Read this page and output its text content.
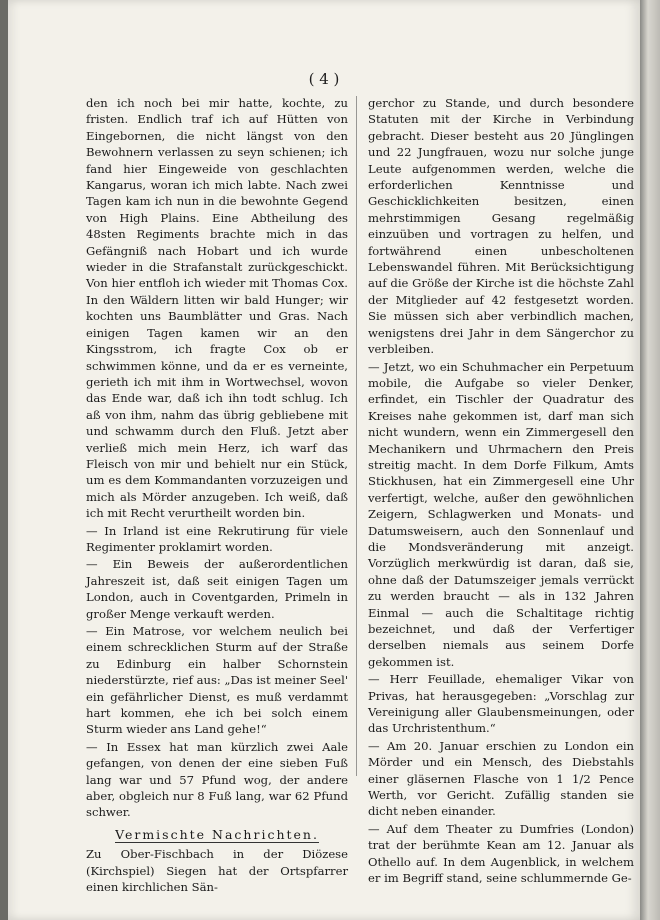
( 4 )

den ich noch bei mir hatte, kochte, zu fristen. Endlich traf ich auf Hütten von Eingebornen, die nicht längst von den Bewohnern verlassen zu seyn schienen; ich fand hier Eingeweide von geschlachten Kangarus, woran ich mich labte. Nach zwei Tagen kam ich nun in die bewohnte Gegend von High Plains. Eine Abtheilung des 48sten Regiments brachte mich in das Gefängniß nach Hobart und ich wurde wieder in die Strafanstalt zurückgeschickt. Von hier entfloh ich wieder mit Thomas Cox. In den Wäldern litten wir bald Hunger; wir kochten uns Baumblätter und Gras. Nach einigen Tagen kamen wir an den Kingsstrom, ich fragte Cox ob er schwimmen könne, und da er es verneinte, gerieth ich mit ihm in Wortwechsel, wovon das Ende war, daß ich ihn todt schlug. Ich aß von ihm, nahm das übrig gebliebene mit und schwamm durch den Fluß. Jetzt aber verließ mich mein Herz, ich warf das Fleisch von mir und behielt nur ein Stück, um es dem Kommandanten vorzuzeigen und mich als Mörder anzugeben. Ich weiß, daß ich mit Recht verurtheilt worden bin.

— In Irland ist eine Rekrutirung für viele Regimenter proklamirt worden.

— Ein Beweis der außerordentlichen Jahreszeit ist, daß seit einigen Tagen um London, auch in Coventgarden, Primeln in großer Menge verkauft werden.

— Ein Matrose, vor welchem neulich bei einem schrecklichen Sturm auf der Straße zu Edinburg ein halber Schornstein niederstürzte, rief aus: „Das ist meiner Seel' ein gefährlicher Dienst, es muß verdammt hart kommen, ehe ich bei solch einem Sturm wieder ans Land gehe!“

— In Essex hat man kürzlich zwei Aale gefangen, von denen der eine sieben Fuß lang war und 57 Pfund wog, der andere aber, obgleich nur 8 Fuß lang, war 62 Pfund schwer.

Vermischte Nachrichten.

Zu Ober-Fischbach in der Diözese (Kirchspiel) Siegen hat der Ortspfarrer einen kirchlichen Sän-

gerchor zu Stande, und durch besondere Statuten mit der Kirche in Verbindung gebracht. Dieser besteht aus 20 Jünglingen und 22 Jungfrauen, wozu nur solche junge Leute aufgenommen werden, welche die erforderlichen Kenntnisse und Geschicklichkeiten besitzen, einen mehrstimmigen Gesang regelmäßig einzuüben und vortragen zu helfen, und fortwährend einen unbescholtenen Lebenswandel führen. Mit Berücksichtigung auf die Größe der Kirche ist die höchste Zahl der Mitglieder auf 42 festgesetzt worden. Sie müssen sich aber verbindlich machen, wenigstens drei Jahr in dem Sängerchor zu verbleiben.

— Jetzt, wo ein Schuhmacher ein Perpetuum mobile, die Aufgabe so vieler Denker, erfindet, ein Tischler der Quadratur des Kreises nahe gekommen ist, darf man sich nicht wundern, wenn ein Zimmergesell den Mechanikern und Uhrmachern den Preis streitig macht. In dem Dorfe Filkum, Amts Stickhusen, hat ein Zimmergesell eine Uhr verfertigt, welche, außer den gewöhnlichen Zeigern, Schlagwerken und Monats- und Datumsweisern, auch den Sonnenlauf und die Mondsveränderung mit anzeigt. Vorzüglich merkwürdig ist daran, daß sie, ohne daß der Datumszeiger jemals verrückt zu werden braucht — als in 132 Jahren Einmal — auch die Schaltitage richtig bezeichnet, und daß der Verfertiger derselben niemals aus seinem Dorfe gekommen ist.

— Herr Feuillade, ehemaliger Vikar von Privas, hat herausgegeben: „Vorschlag zur Vereinigung aller Glaubensmeinungen, oder das Urchristenthum.“

— Am 20. Januar erschien zu London ein Mörder und ein Mensch, des Diebstahls einer gläsernen Flasche von 1 1/2 Pence Werth, vor Gericht. Zufällig standen sie dicht neben einander.

— Auf dem Theater zu Dumfries (London) trat der berühmte Kean am 12. Januar als Othello auf. In dem Augenblick, in welchem er im Begriff stand, seine schlummernde Ge-
